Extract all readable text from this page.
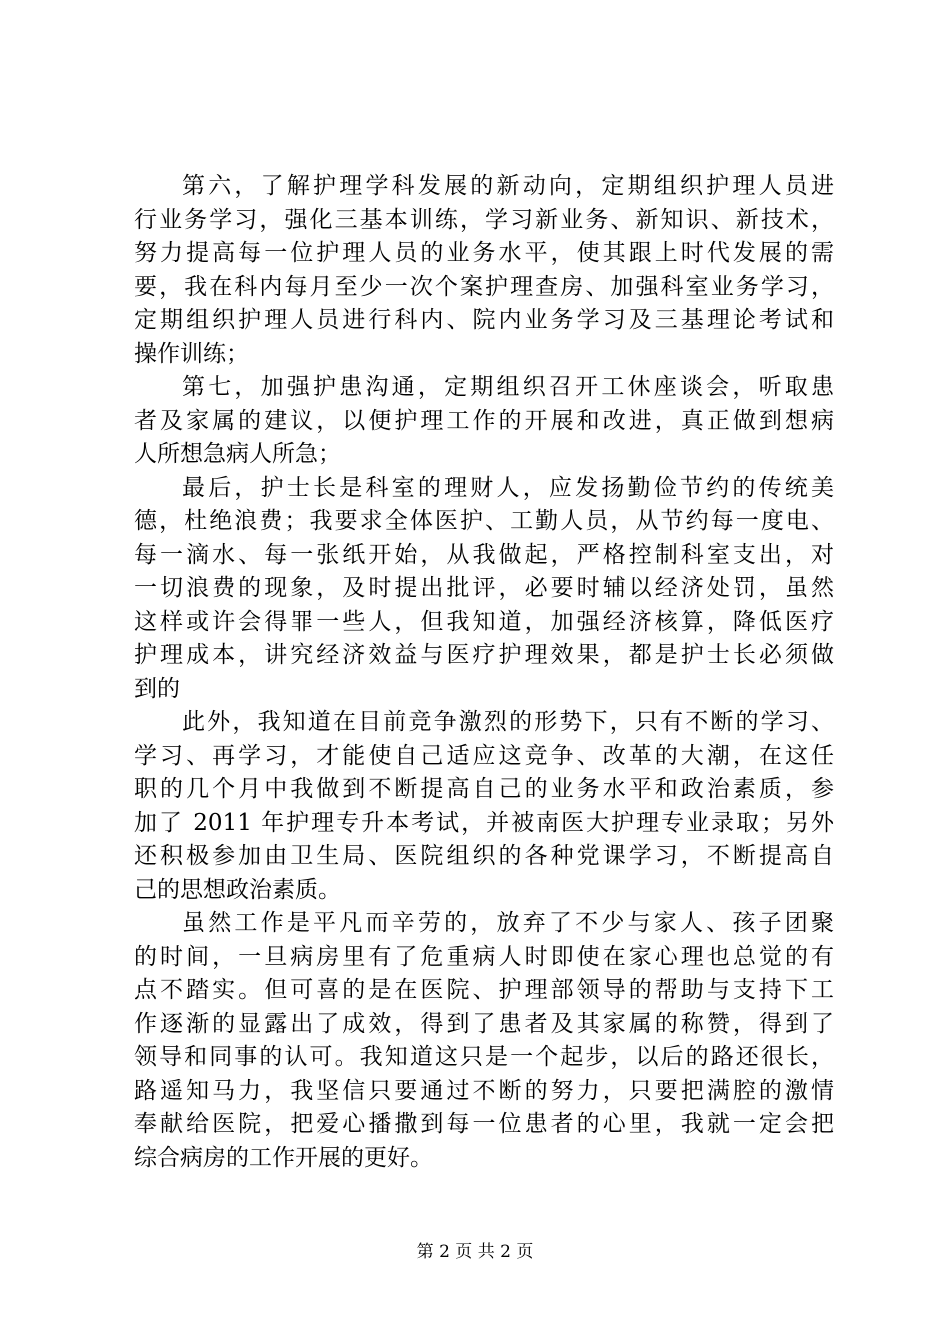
第六，了解护理学科发展的新动向，定期组织护理人员进
行业务学习，强化三基本训练，学习新业务、新知识、新技术，
努力提高每一位护理人员的业务水平，使其跟上时代发展的需
要，我在科内每月至少一次个案护理查房、加强科室业务学习，
定期组织护理人员进行科内、院内业务学习及三基理论考试和
操作训练；
第七，加强护患沟通，定期组织召开工休座谈会，听取患
者及家属的建议，以便护理工作的开展和改进，真正做到想病
人所想急病人所急；
最后，护士长是科室的理财人，应发扬勤俭节约的传统美
德，杜绝浪费；我要求全体医护、工勤人员，从节约每一度电、
每一滴水、每一张纸开始，从我做起，严格控制科室支出，对
一切浪费的现象，及时提出批评，必要时辅以经济处罚，虽然
这样或许会得罪一些人，但我知道，加强经济核算，降低医疗
护理成本，讲究经济效益与医疗护理效果，都是护士长必须做
到的
此外，我知道在目前竞争激烈的形势下，只有不断的学习、
学习、再学习，才能使自己适应这竞争、改革的大潮，在这任
职的几个月中我做到不断提高自己的业务水平和政治素质，参
加了 2011 年护理专升本考试，并被南医大护理专业录取；另外
还积极参加由卫生局、医院组织的各种党课学习，不断提高自
己的思想政治素质。
虽然工作是平凡而辛劳的，放弃了不少与家人、孩子团聚
的时间，一旦病房里有了危重病人时即使在家心理也总觉的有
点不踏实。但可喜的是在医院、护理部领导的帮助与支持下工
作逐渐的显露出了成效，得到了患者及其家属的称赞，得到了
领导和同事的认可。我知道这只是一个起步，以后的路还很长，
路遥知马力，我坚信只要通过不断的努力，只要把满腔的激情
奉献给医院，把爱心播撒到每一位患者的心里，我就一定会把
综合病房的工作开展的更好。
第 2 页 共 2 页
